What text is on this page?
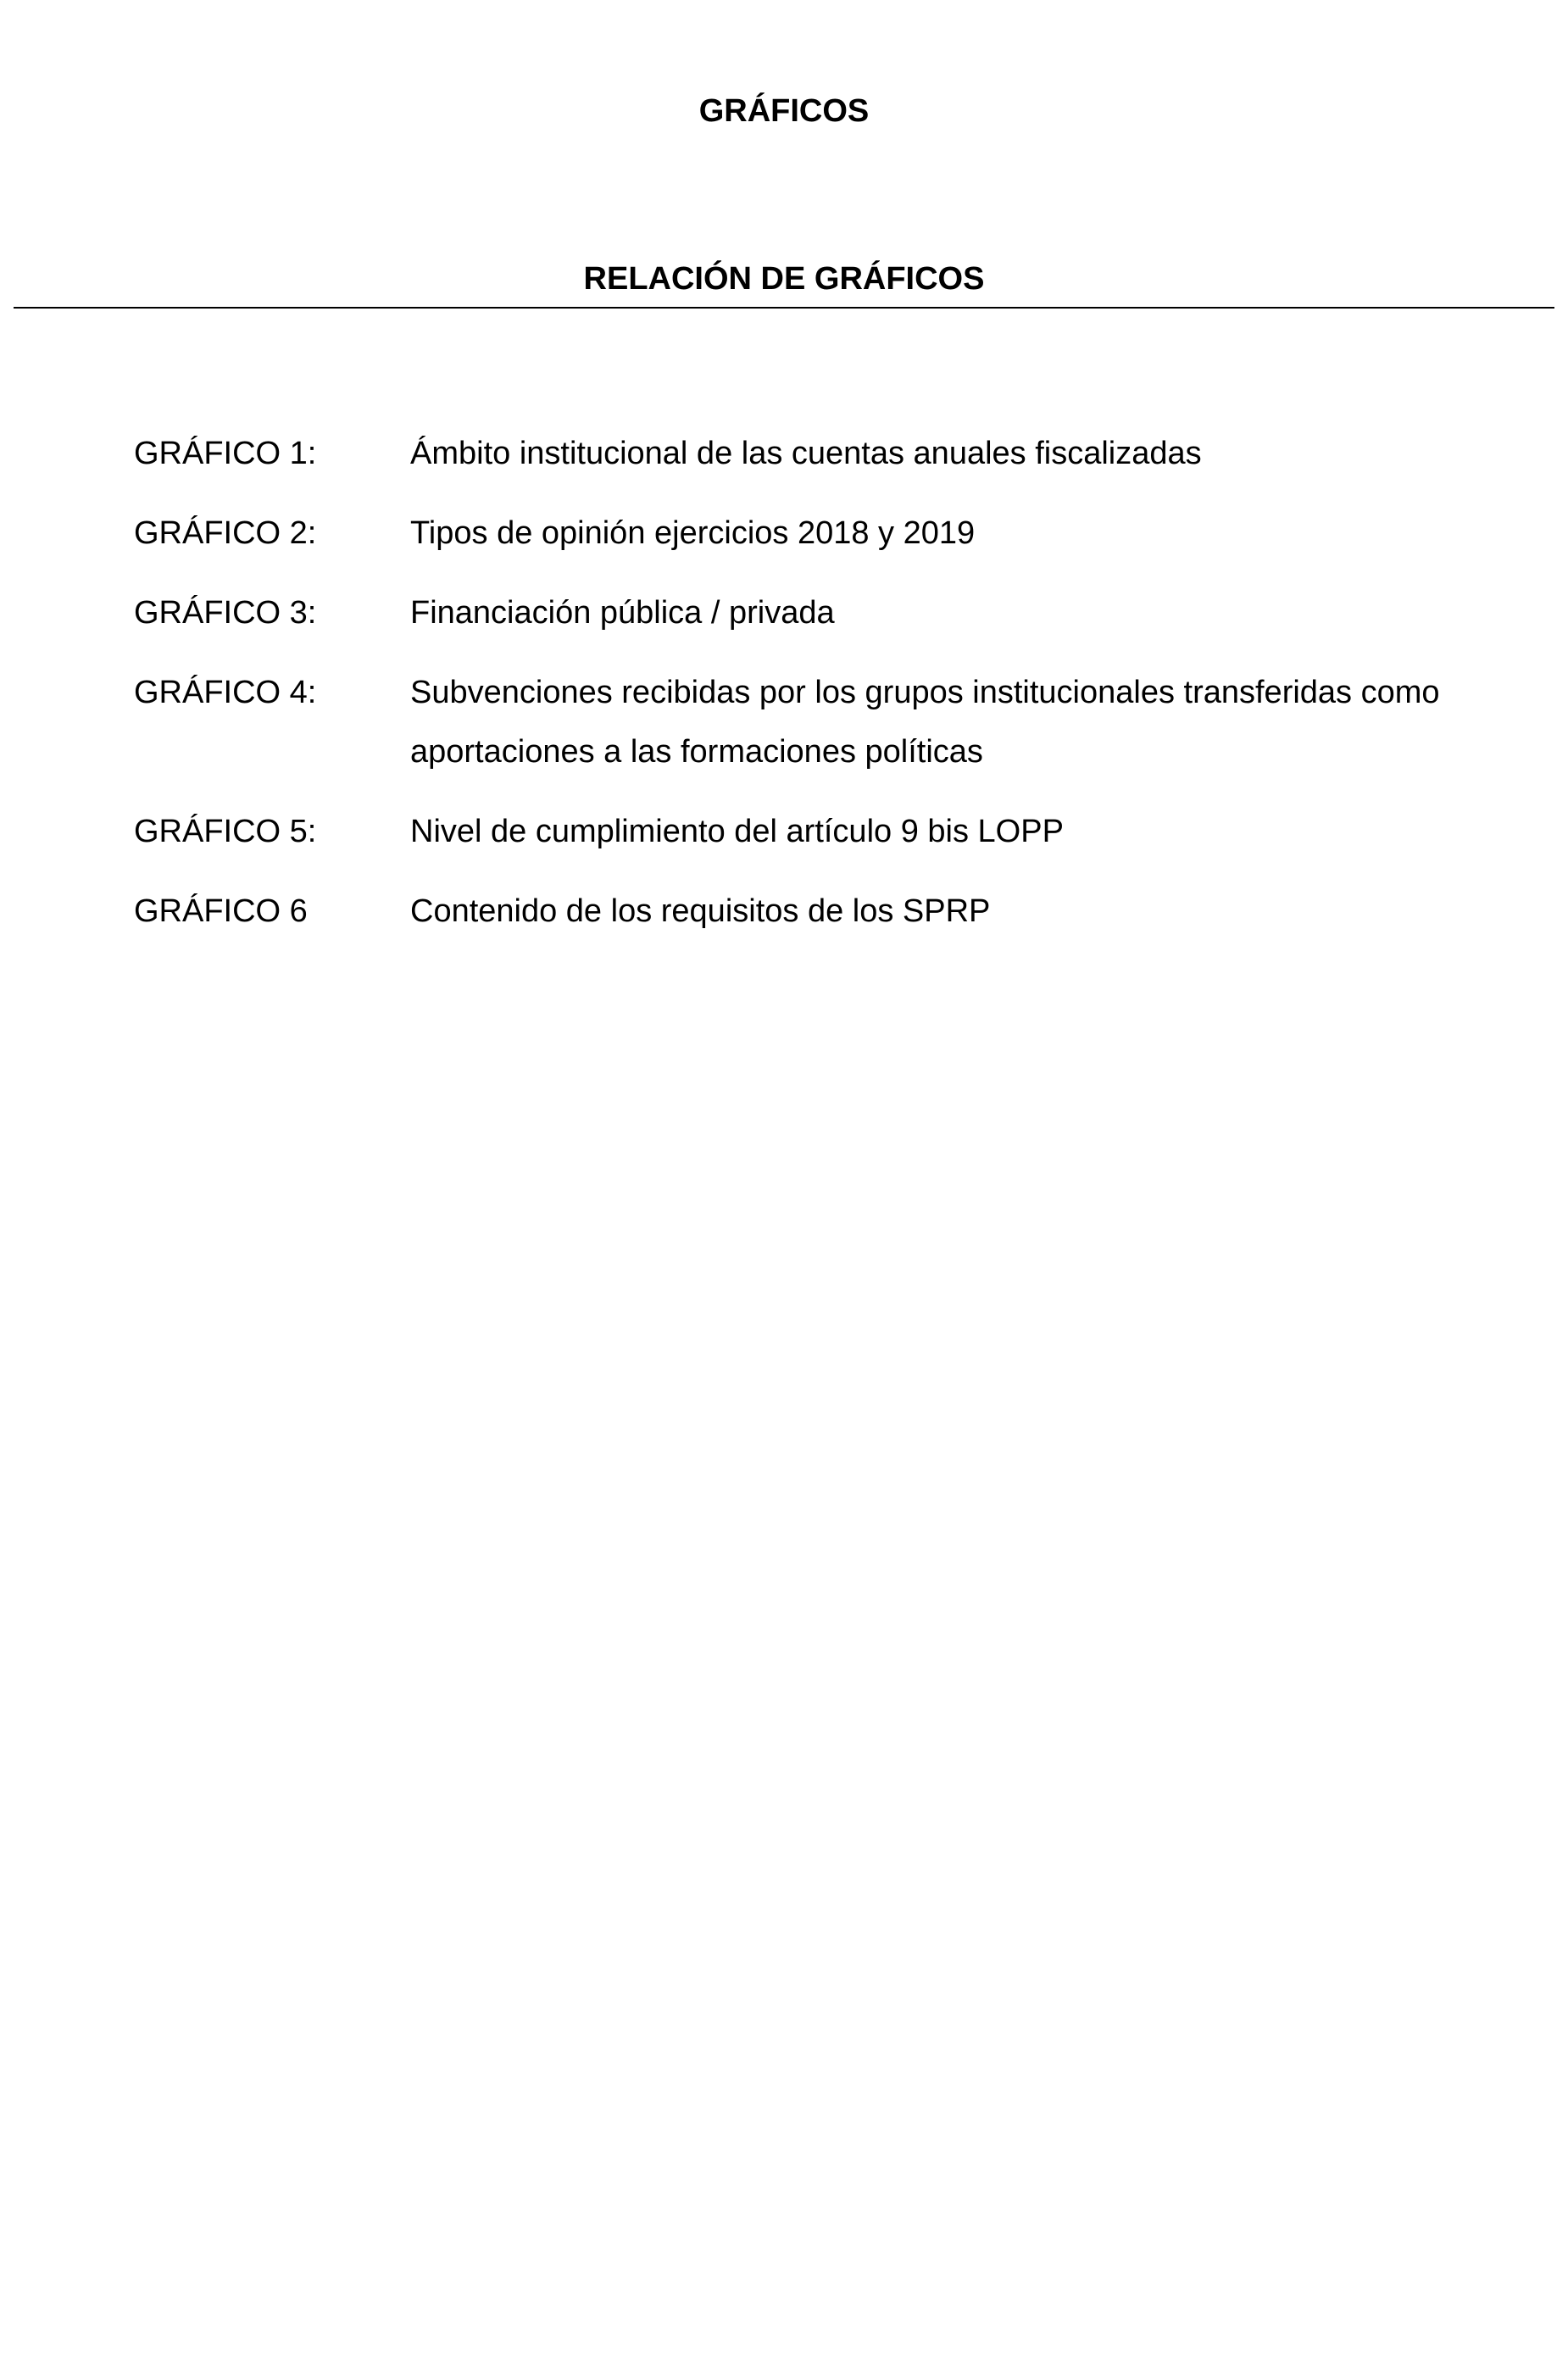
GRÁFICOS
RELACIÓN DE GRÁFICOS
GRÁFICO 1:	Ámbito institucional de las cuentas anuales fiscalizadas
GRÁFICO 2:	Tipos de opinión ejercicios 2018 y 2019
GRÁFICO 3:	Financiación pública / privada
GRÁFICO 4:	Subvenciones recibidas por los grupos institucionales transferidas como aportaciones a las formaciones políticas
GRÁFICO 5:	Nivel de cumplimiento del artículo 9 bis LOPP
GRÁFICO 6	Contenido de los requisitos de los SPRP
